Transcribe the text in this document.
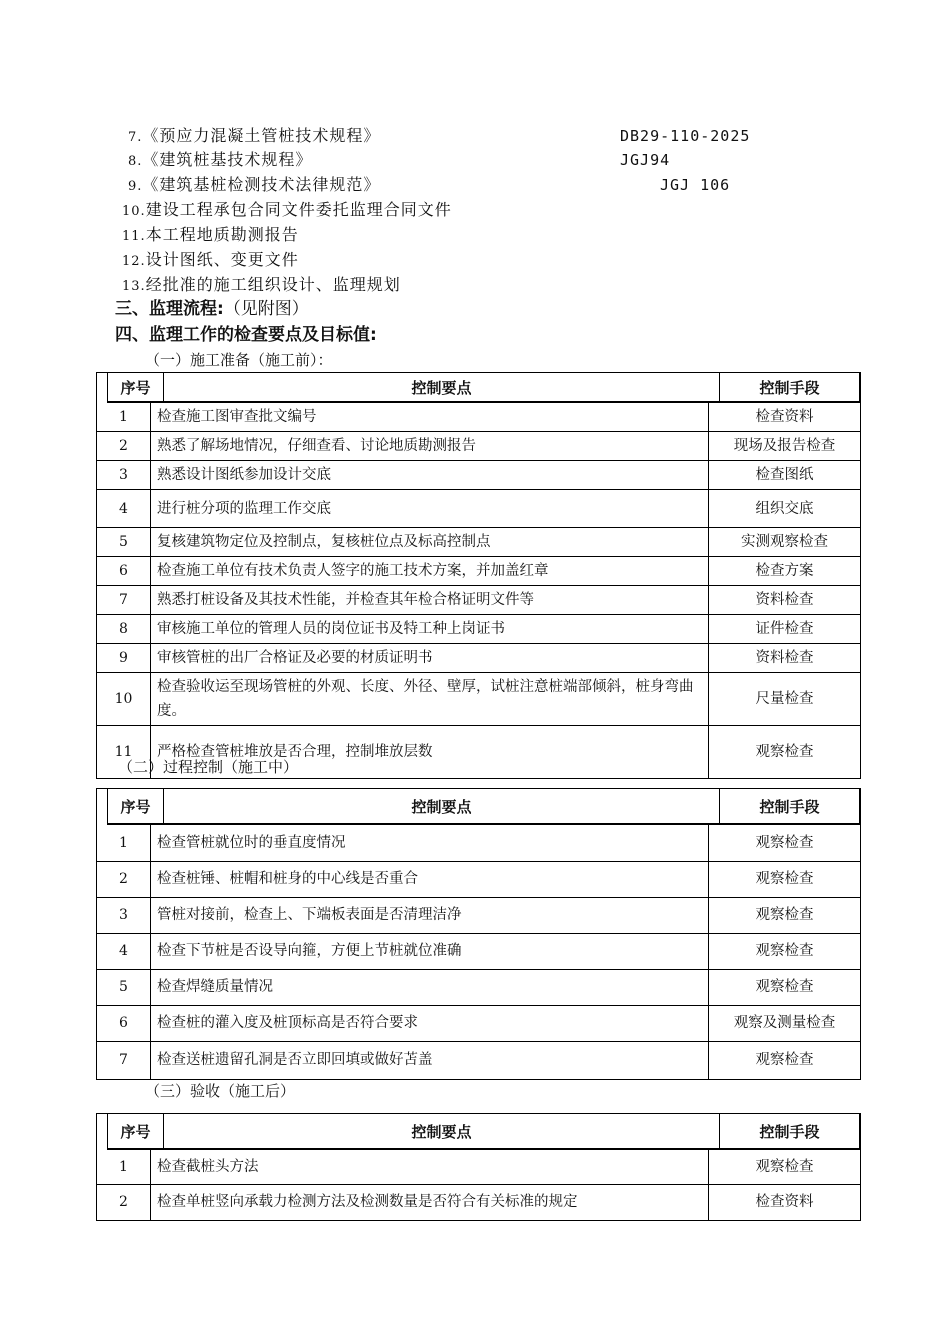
7.《预应力混凝土管桩技术规程》	DB29-110-2025
8.《建筑桩基技术规程》	JGJ94
9.《建筑基桩检测技术法律规范》	JGJ 106
10.建设工程承包合同文件委托监理合同文件
11.本工程地质勘测报告
12.设计图纸、变更文件
13.经批准的施工组织设计、监理规划
三、监理流程:（见附图）
四、监理工作的检查要点及目标值:
（一）施工准备（施工前）：
序号	控制要点	控制手段
1	检查施工图审查批文编号	检查资料
2	熟悉了解场地情况，仔细查看、讨论地质勘测报告	现场及报告检查
3	熟悉设计图纸参加设计交底	检查图纸
4	进行桩分项的监理工作交底	组织交底
5	复核建筑物定位及控制点，复核桩位点及标高控制点	实测观察检查
6	检查施工单位有技术负责人签字的施工技术方案，并加盖红章	检查方案
7	熟悉打桩设备及其技术性能，并检查其年检合格证明文件等	资料检查
8	审核施工单位的管理人员的岗位证书及特工种上岗证书	证件检查
9	审核管桩的出厂合格证及必要的材质证明书	资料检查
10	检查验收运至现场管桩的外观、长度、外径、壁厚，试桩注意桩端部倾斜，桩身弯曲度。	尺量检查
11	严格检查管桩堆放是否合理，控制堆放层数	观察检查
（二）过程控制（施工中）
序号	控制要点	控制手段
1	检查管桩就位时的垂直度情况	观察检查
2	检查桩锤、桩帽和桩身的中心线是否重合	观察检查
3	管桩对接前，检查上、下端板表面是否清理洁净	观察检查
4	检查下节桩是否设导向箍，方便上节桩就位准确	观察检查
5	检查焊缝质量情况	观察检查
6	检查桩的灌入度及桩顶标高是否符合要求	观察及测量检查
7	检查送桩遗留孔洞是否立即回填或做好苫盖	观察检查
（三）验收（施工后）
序号	控制要点	控制手段
1	检查截桩头方法	观察检查
2	检查单桩竖向承载力检测方法及检测数量是否符合有关标准的规定	检查资料
